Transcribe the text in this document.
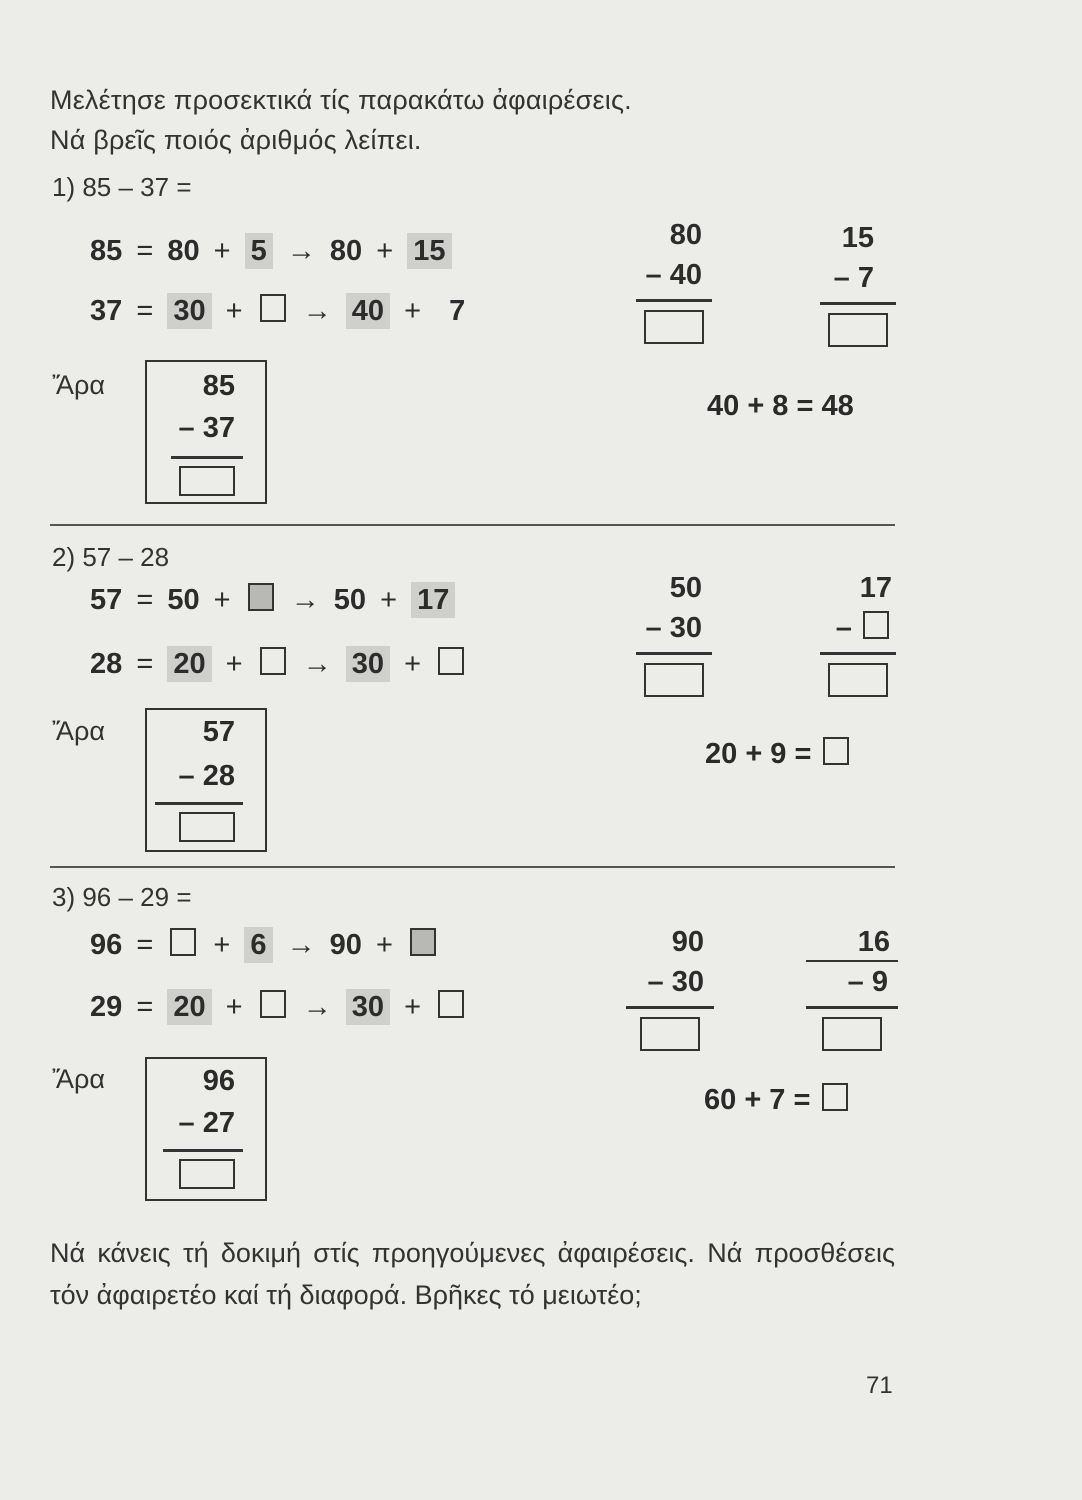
Μελέτησε προσεκτικά τίς παρακάτω ἀφαιρέσεις.
Νά βρεῖς ποιός ἀριθμός λείπει.
1) 85 – 37 =
85 = 80 + 5 → 80 + 15
37 = 30 + → 40 + 7
80
– 40
15
– 7
Ἄρα	85
– 37
40 + 8 = 48
2) 57 – 28
57 = 50 + → 50 + 17
28 = 20 + → 30 +
50
– 30
17
–
Ἄρα	57
– 28
20 + 9 =
3) 96 – 29 =
96 = + 6 → 90 +
29 = 20 + → 30 +
90
– 30
16
– 9
Ἄρα	96
– 27
60 + 7 =
Νά κάνεις τή δοκιμή στίς προηγούμενες ἀφαιρέσεις. Νά προσθέσεις τόν ἀφαιρετέο καί τή διαφορά. Βρῆκες τό μειωτέο;
71
